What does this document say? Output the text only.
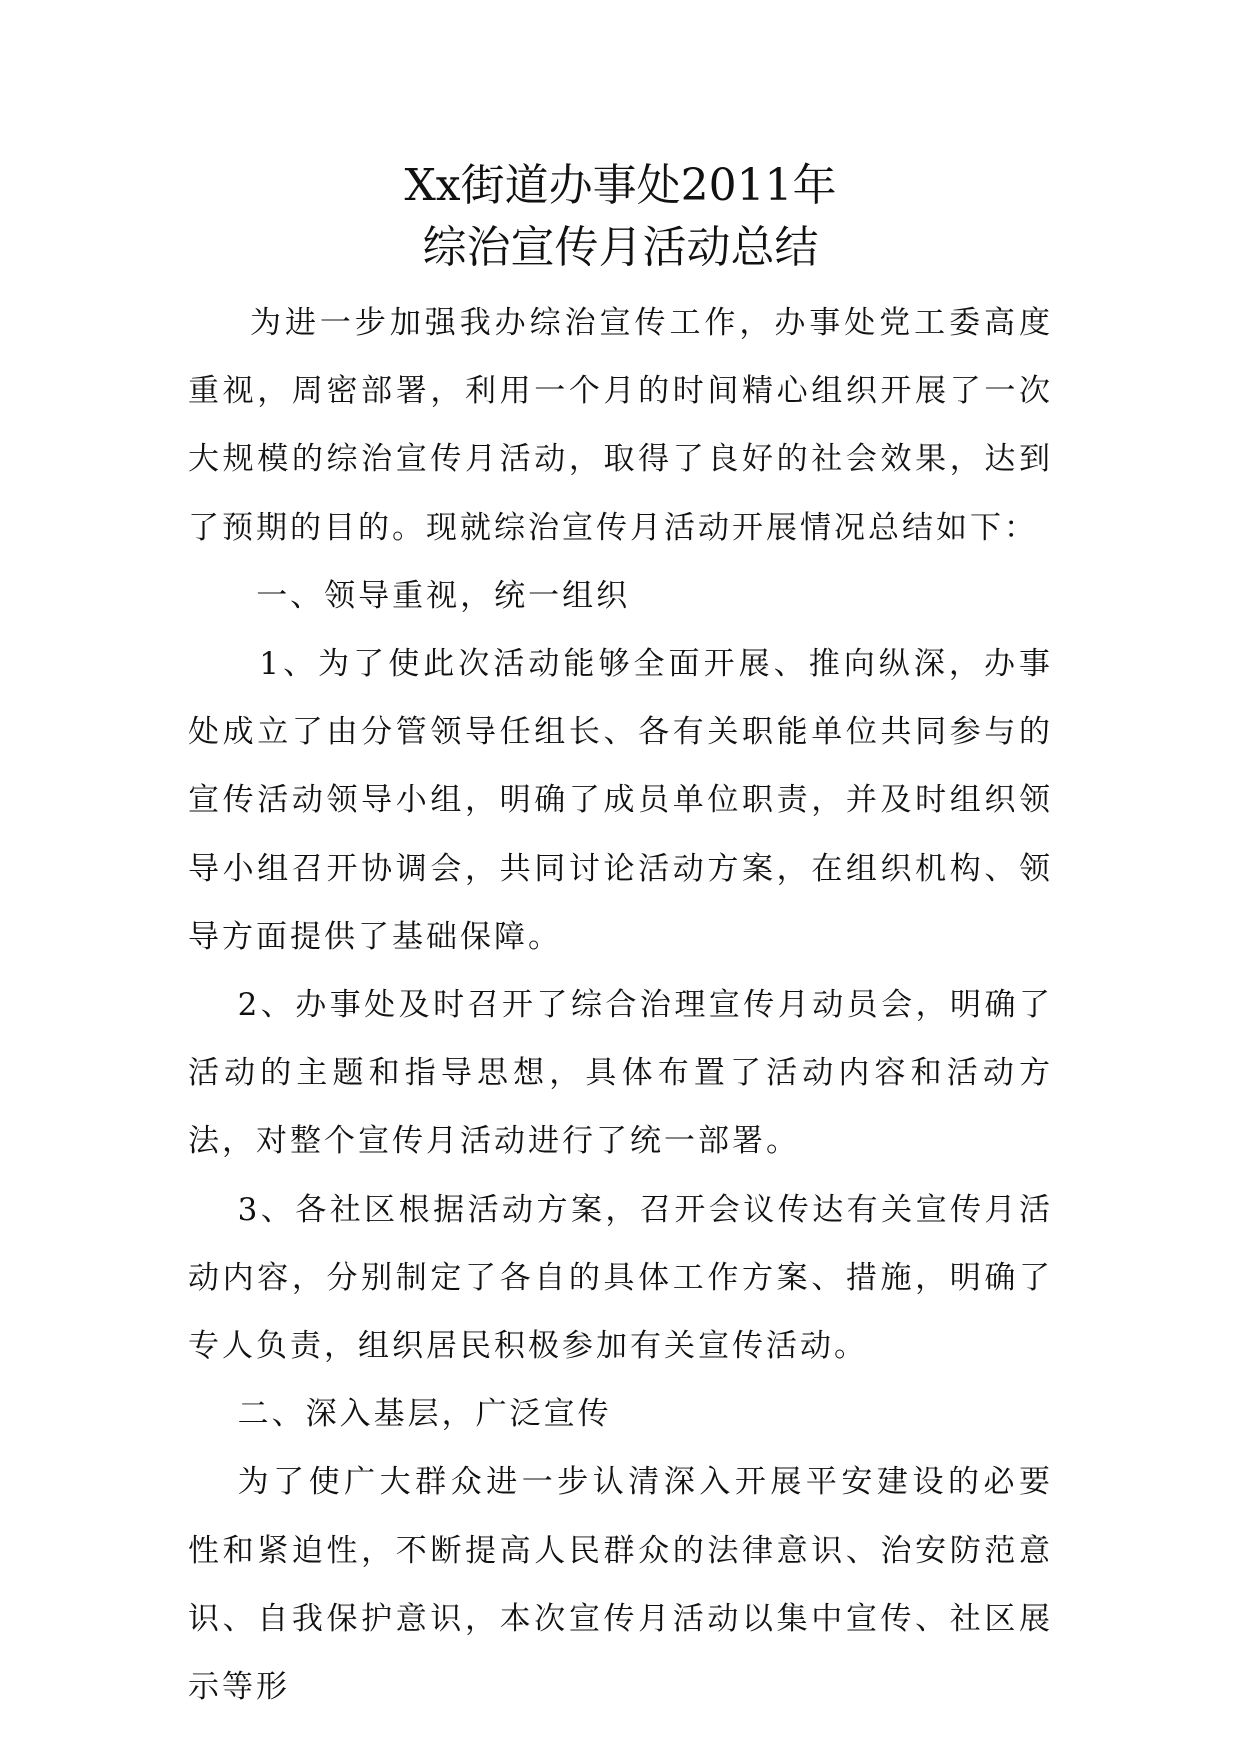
Xx街道办事处2011年
综治宣传月活动总结

为进一步加强我办综治宣传工作，办事处党工委高度重视，周密部署，利用一个月的时间精心组织开展了一次大规模的综治宣传月活动，取得了良好的社会效果，达到了预期的目的。现就综治宣传月活动开展情况总结如下：

一、领导重视，统一组织

1、为了使此次活动能够全面开展、推向纵深，办事处成立了由分管领导任组长、各有关职能单位共同参与的宣传活动领导小组，明确了成员单位职责，并及时组织领导小组召开协调会，共同讨论活动方案，在组织机构、领导方面提供了基础保障。

2、办事处及时召开了综合治理宣传月动员会，明确了活动的主题和指导思想，具体布置了活动内容和活动方法，对整个宣传月活动进行了统一部署。

3、各社区根据活动方案，召开会议传达有关宣传月活动内容，分别制定了各自的具体工作方案、措施，明确了专人负责，组织居民积极参加有关宣传活动。

二、深入基层，广泛宣传

为了使广大群众进一步认清深入开展平安建设的必要性和紧迫性，不断提高人民群众的法律意识、治安防范意识、自我保护意识，本次宣传月活动以集中宣传、社区展示等形
